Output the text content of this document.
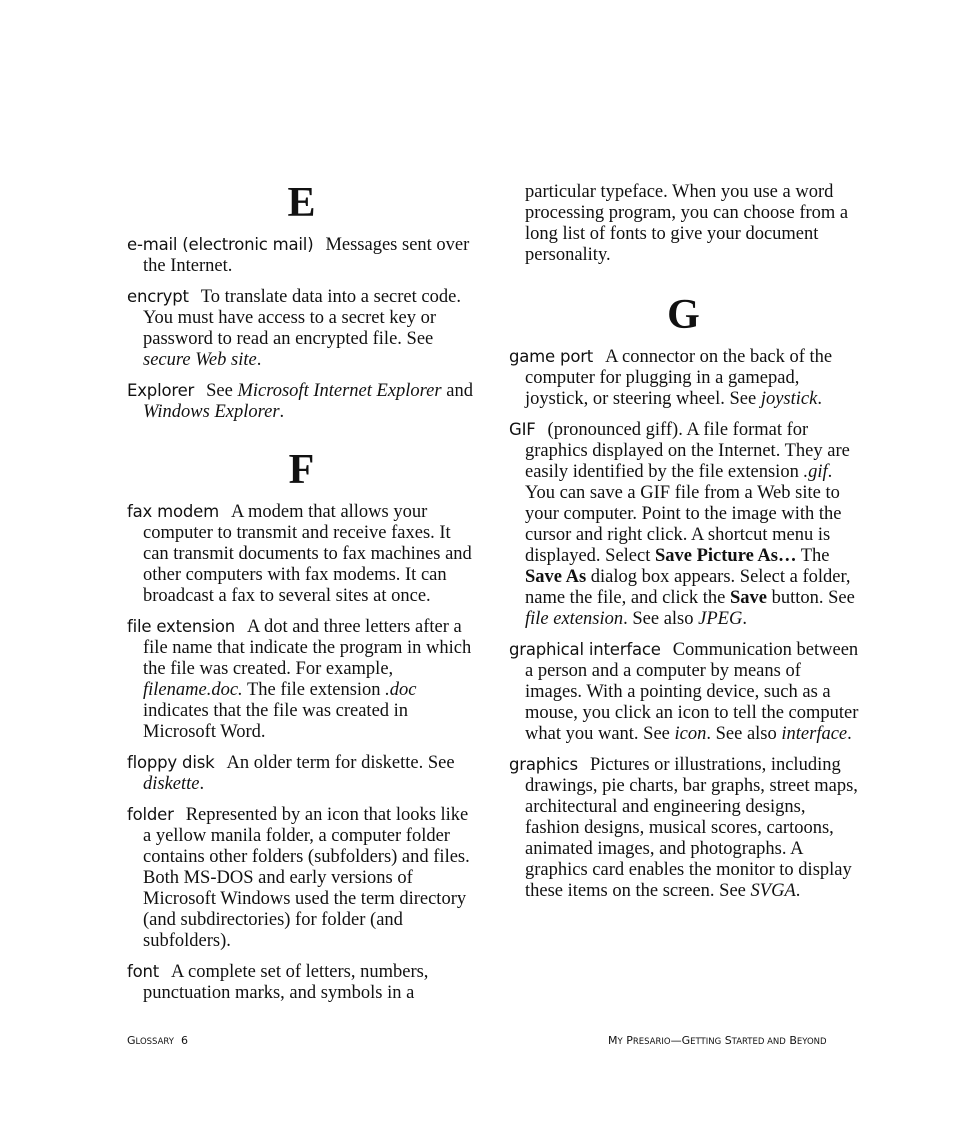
E

e-mail (electronic mail) Messages sent over the Internet.

encrypt To translate data into a secret code. You must have access to a secret key or password to read an encrypted file. See secure Web site.

Explorer See Microsoft Internet Explorer and Windows Explorer.

F

fax modem A modem that allows your computer to transmit and receive faxes. It can transmit documents to fax machines and other computers with fax modems. It can broadcast a fax to several sites at once.

file extension A dot and three letters after a file name that indicate the program in which the file was created. For example, filename.doc. The file extension .doc indicates that the file was created in Microsoft Word.

floppy disk An older term for diskette. See diskette.

folder Represented by an icon that looks like a yellow manila folder, a computer folder contains other folders (subfolders) and files. Both MS-DOS and early versions of Microsoft Windows used the term directory (and subdirectories) for folder (and subfolders).

font A complete set of letters, numbers, punctuation marks, and symbols in a

particular typeface. When you use a word processing program, you can choose from a long list of fonts to give your document personality.

G

game port A connector on the back of the computer for plugging in a gamepad, joystick, or steering wheel. See joystick.

GIF (pronounced giff). A file format for graphics displayed on the Internet. They are easily identified by the file extension .gif. You can save a GIF file from a Web site to your computer. Point to the image with the cursor and right click. A shortcut menu is displayed. Select Save Picture As… The Save As dialog box appears. Select a folder, name the file, and click the Save button. See file extension. See also JPEG.

graphical interface Communication between a person and a computer by means of images. With a pointing device, such as a mouse, you click an icon to tell the computer what you want. See icon. See also interface.

graphics Pictures or illustrations, including drawings, pie charts, bar graphs, street maps, architectural and engineering designs, fashion designs, musical scores, cartoons, animated images, and photographs. A graphics card enables the monitor to display these items on the screen. See SVGA.

GLOSSARY 6	MY PRESARIO—GETTING STARTED AND BEYOND
